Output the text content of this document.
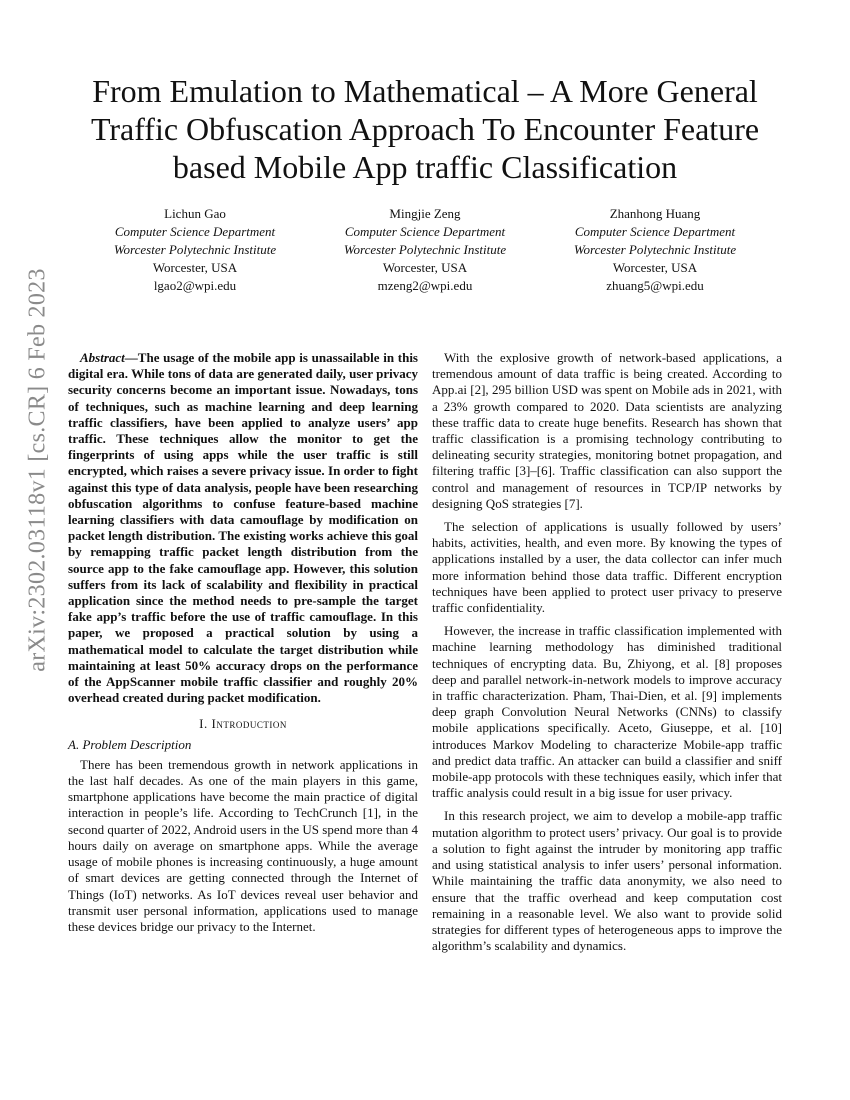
arXiv:2302.03118v1 [cs.CR] 6 Feb 2023
From Emulation to Mathematical – A More General Traffic Obfuscation Approach To Encounter Feature based Mobile App traffic Classification
Lichun Gao
Computer Science Department
Worcester Polytechnic Institute
Worcester, USA
lgao2@wpi.edu
Mingjie Zeng
Computer Science Department
Worcester Polytechnic Institute
Worcester, USA
mzeng2@wpi.edu
Zhanhong Huang
Computer Science Department
Worcester Polytechnic Institute
Worcester, USA
zhuang5@wpi.edu

Abstract—The usage of the mobile app is unassailable in this digital era. While tons of data are generated daily, user privacy security concerns become an important issue. Nowadays, tons of techniques, such as machine learning and deep learning traffic classifiers, have been applied to analyze users’ app traffic. These techniques allow the monitor to get the fingerprints of using apps while the user traffic is still encrypted, which raises a severe privacy issue. In order to fight against this type of data analysis, people have been researching obfuscation algorithms to confuse feature-based machine learning classifiers with data camouflage by modification on packet length distribution. The existing works achieve this goal by remapping traffic packet length distribution from the source app to the fake camouflage app. However, this solution suffers from its lack of scalability and flexibility in practical application since the method needs to pre-sample the target fake app’s traffic before the use of traffic camouflage. In this paper, we proposed a practical solution by using a mathematical model to calculate the target distribution while maintaining at least 50% accuracy drops on the performance of the AppScanner mobile traffic classifier and roughly 20% overhead created during packet modification.

I. Introduction
A. Problem Description

There has been tremendous growth in network applications in the last half decades. As one of the main players in this game, smartphone applications have become the main practice of digital interaction in people’s life. According to TechCrunch [1], in the second quarter of 2022, Android users in the US spend more than 4 hours daily on average on smartphone apps. While the average usage of mobile phones is increasing continuously, a huge amount of smart devices are getting connected through the Internet of Things (IoT) networks. As IoT devices reveal user behavior and transmit user personal information, applications used to manage these devices bridge our privacy to the Internet.

With the explosive growth of network-based applications, a tremendous amount of data traffic is being created. According to App.ai [2], 295 billion USD was spent on Mobile ads in 2021, with a 23% growth compared to 2020. Data scientists are analyzing these traffic data to create huge benefits. Research has shown that traffic classification is a promising technology contributing to delineating security strategies, monitoring botnet propagation, and filtering traffic [3]–[6]. Traffic classification can also support the control and management of resources in TCP/IP networks by designing QoS strategies [7].

The selection of applications is usually followed by users’ habits, activities, health, and even more. By knowing the types of applications installed by a user, the data collector can infer much more information behind those data traffic. Different encryption techniques have been applied to protect user privacy to preserve traffic confidentiality.

However, the increase in traffic classification implemented with machine learning methodology has diminished traditional techniques of encrypting data. Bu, Zhiyong, et al. [8] proposes deep and parallel network-in-network models to improve accuracy in traffic characterization. Pham, Thai-Dien, et al. [9] implements deep graph Convolution Neural Networks (CNNs) to classify mobile applications specifically. Aceto, Giuseppe, et al. [10] introduces Markov Modeling to characterize Mobile-app traffic and predict data traffic. An attacker can build a classifier and sniff mobile-app protocols with these techniques easily, which infer that traffic analysis could result in a big issue for user privacy.

In this research project, we aim to develop a mobile-app traffic mutation algorithm to protect users’ privacy. Our goal is to provide a solution to fight against the intruder by monitoring app traffic and using statistical analysis to infer users’ personal information. While maintaining the traffic data anonymity, we also need to ensure that the traffic overhead and keep computation cost remaining in a reasonable level. We also want to provide solid strategies for different types of heterogeneous apps to improve the algorithm’s scalability and dynamics.
